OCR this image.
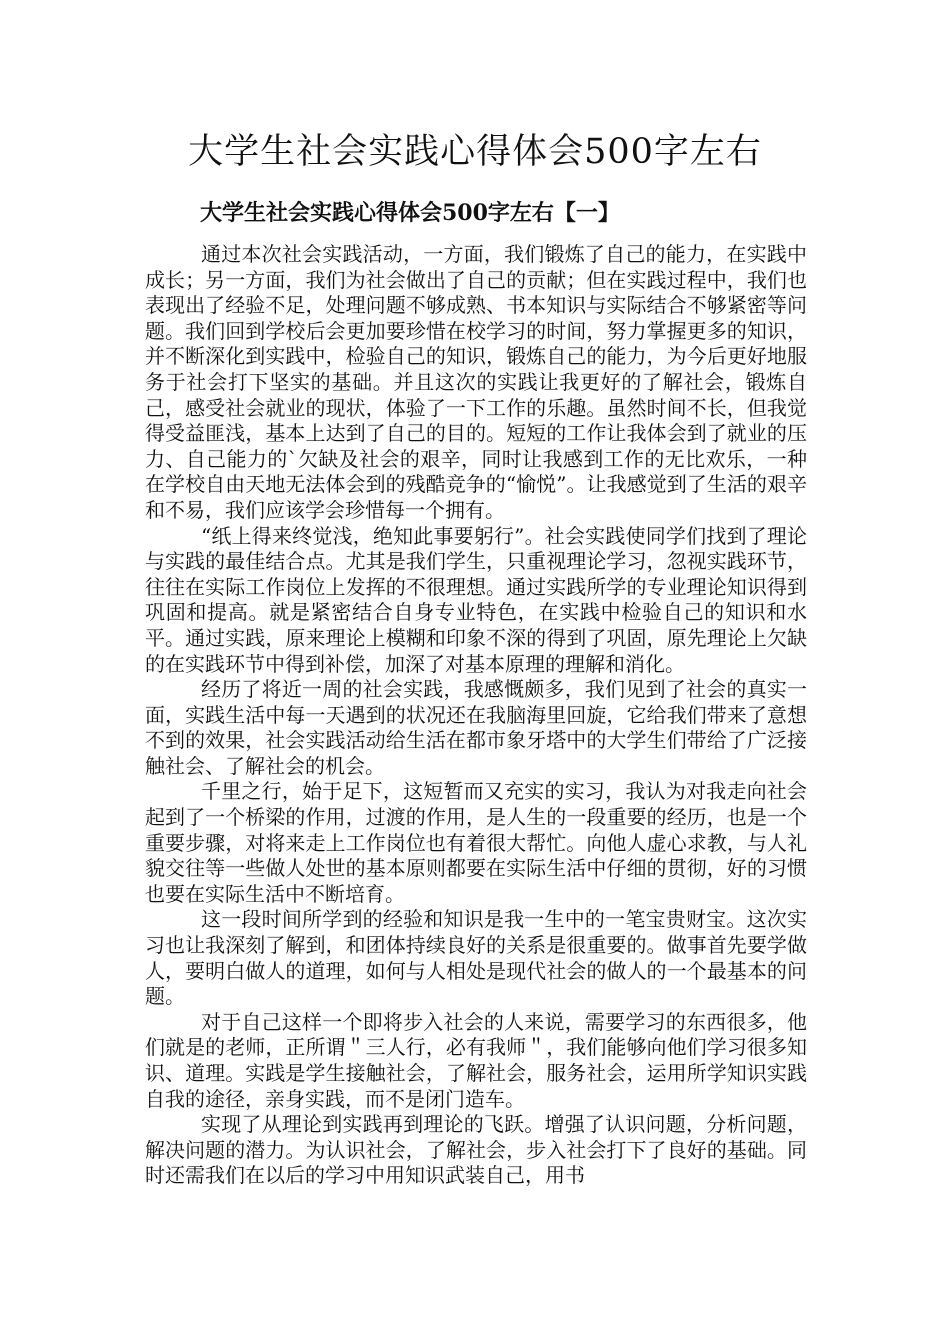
大学生社会实践心得体会500字左右
大学生社会实践心得体会500字左右【一】

通过本次社会实践活动，一方面，我们锻炼了自己的能力，在实践中成长；另一方面，我们为社会做出了自己的贡献；但在实践过程中，我们也表现出了经验不足，处理问题不够成熟、书本知识与实际结合不够紧密等问题。我们回到学校后会更加要珍惜在校学习的时间，努力掌握更多的知识，并不断深化到实践中，检验自己的知识，锻炼自己的能力，为今后更好地服务于社会打下坚实的基础。并且这次的实践让我更好的了解社会，锻炼自己，感受社会就业的现状，体验了一下工作的乐趣。虽然时间不长，但我觉得受益匪浅，基本上达到了自己的目的。短短的工作让我体会到了就业的压力、自己能力的`欠缺及社会的艰辛，同时让我感到工作的无比欢乐，一种在学校自由天地无法体会到的残酷竞争的“愉悦”。让我感觉到了生活的艰辛和不易，我们应该学会珍惜每一个拥有。

“纸上得来终觉浅，绝知此事要躬行”。社会实践使同学们找到了理论与实践的最佳结合点。尤其是我们学生，只重视理论学习，忽视实践环节，往往在实际工作岗位上发挥的不很理想。通过实践所学的专业理论知识得到巩固和提高。就是紧密结合自身专业特色，在实践中检验自己的知识和水平。通过实践，原来理论上模糊和印象不深的得到了巩固，原先理论上欠缺的在实践环节中得到补偿，加深了对基本原理的理解和消化。

经历了将近一周的社会实践，我感慨颇多，我们见到了社会的真实一面，实践生活中每一天遇到的状况还在我脑海里回旋，它给我们带来了意想不到的效果，社会实践活动给生活在都市象牙塔中的大学生们带给了广泛接触社会、了解社会的机会。

千里之行，始于足下，这短暂而又充实的实习，我认为对我走向社会起到了一个桥梁的作用，过渡的作用，是人生的一段重要的经历，也是一个重要步骤，对将来走上工作岗位也有着很大帮忙。向他人虚心求教，与人礼貌交往等一些做人处世的基本原则都要在实际生活中仔细的贯彻，好的习惯也要在实际生活中不断培育。

这一段时间所学到的经验和知识是我一生中的一笔宝贵财宝。这次实习也让我深刻了解到，和团体持续良好的关系是很重要的。做事首先要学做人，要明白做人的道理，如何与人相处是现代社会的做人的一个最基本的问题。

对于自己这样一个即将步入社会的人来说，需要学习的东西很多，他们就是的老师，正所谓＂三人行，必有我师＂，我们能够向他们学习很多知识、道理。实践是学生接触社会，了解社会，服务社会，运用所学知识实践自我的途径，亲身实践，而不是闭门造车。

实现了从理论到实践再到理论的飞跃。增强了认识问题，分析问题，解决问题的潜力。为认识社会，了解社会，步入社会打下了良好的基础。同时还需我们在以后的学习中用知识武装自己，用书
